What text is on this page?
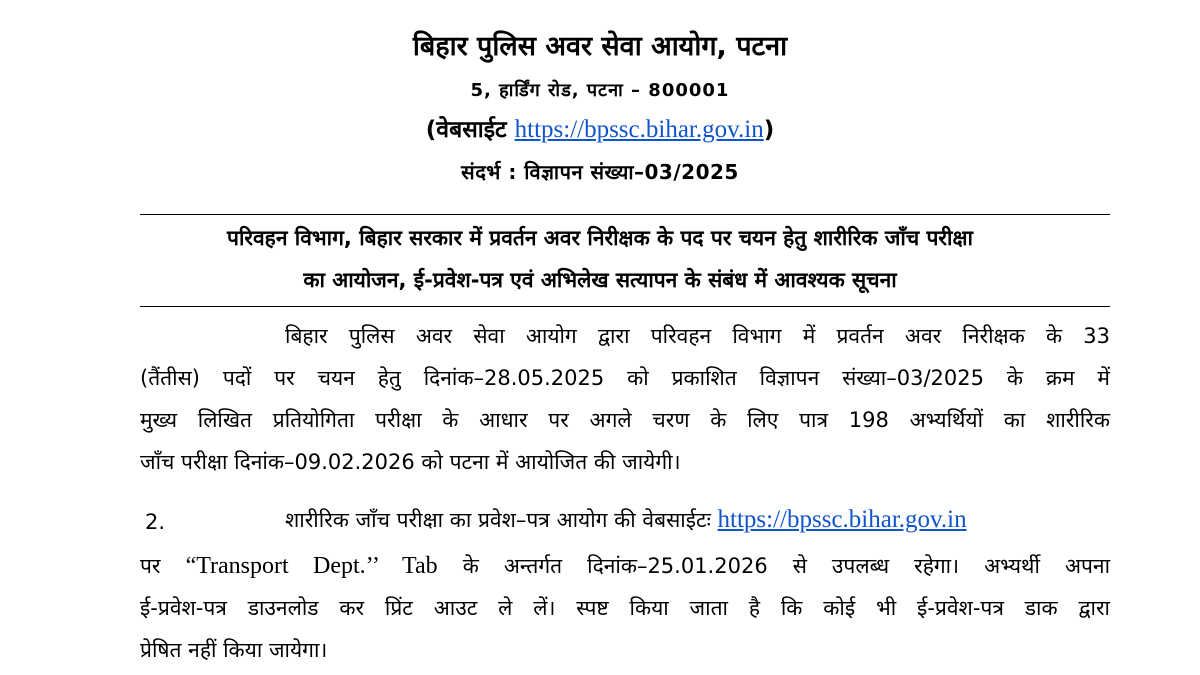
बिहार पुलिस अवर सेवा आयोग, पटना
5, हार्डिंग रोड, पटना – 800001
(वेबसाईट https://bpssc.bihar.gov.in)
संदर्भ : विज्ञापन संख्या–03/2025
परिवहन विभाग, बिहार सरकार में प्रवर्तन अवर निरीक्षक के पद पर चयन हेतु शारीरिक जाँच परीक्षा
का आयोजन, ई-प्रवेश-पत्र एवं अभिलेख सत्यापन के संबंध में आवश्यक सूचना
बिहार पुलिस अवर सेवा आयोग द्वारा परिवहन विभाग में प्रवर्तन अवर निरीक्षक के 33
(तैंतीस) पदों पर चयन हेतु दिनांक–28.05.2025 को प्रकाशित विज्ञापन संख्या–03/2025 के क्रम में
मुख्य लिखित प्रतियोगिता परीक्षा के आधार पर अगले चरण के लिए पात्र 198 अभ्यर्थियों का शारीरिक
जाँच परीक्षा दिनांक–09.02.2026 को पटना में आयोजित की जायेगी।
2.	शारीरिक जाँच परीक्षा का प्रवेश–पत्र आयोग की वेबसाईटः https://bpssc.bihar.gov.in
पर “Transport Dept.’’ Tab के अन्तर्गत दिनांक–25.01.2026 से उपलब्ध रहेगा। अभ्यर्थी अपना
ई-प्रवेश-पत्र डाउनलोड कर प्रिंट आउट ले लें। स्पष्ट किया जाता है कि कोई भी ई-प्रवेश-पत्र डाक द्वारा
प्रेषित नहीं किया जायेगा।
